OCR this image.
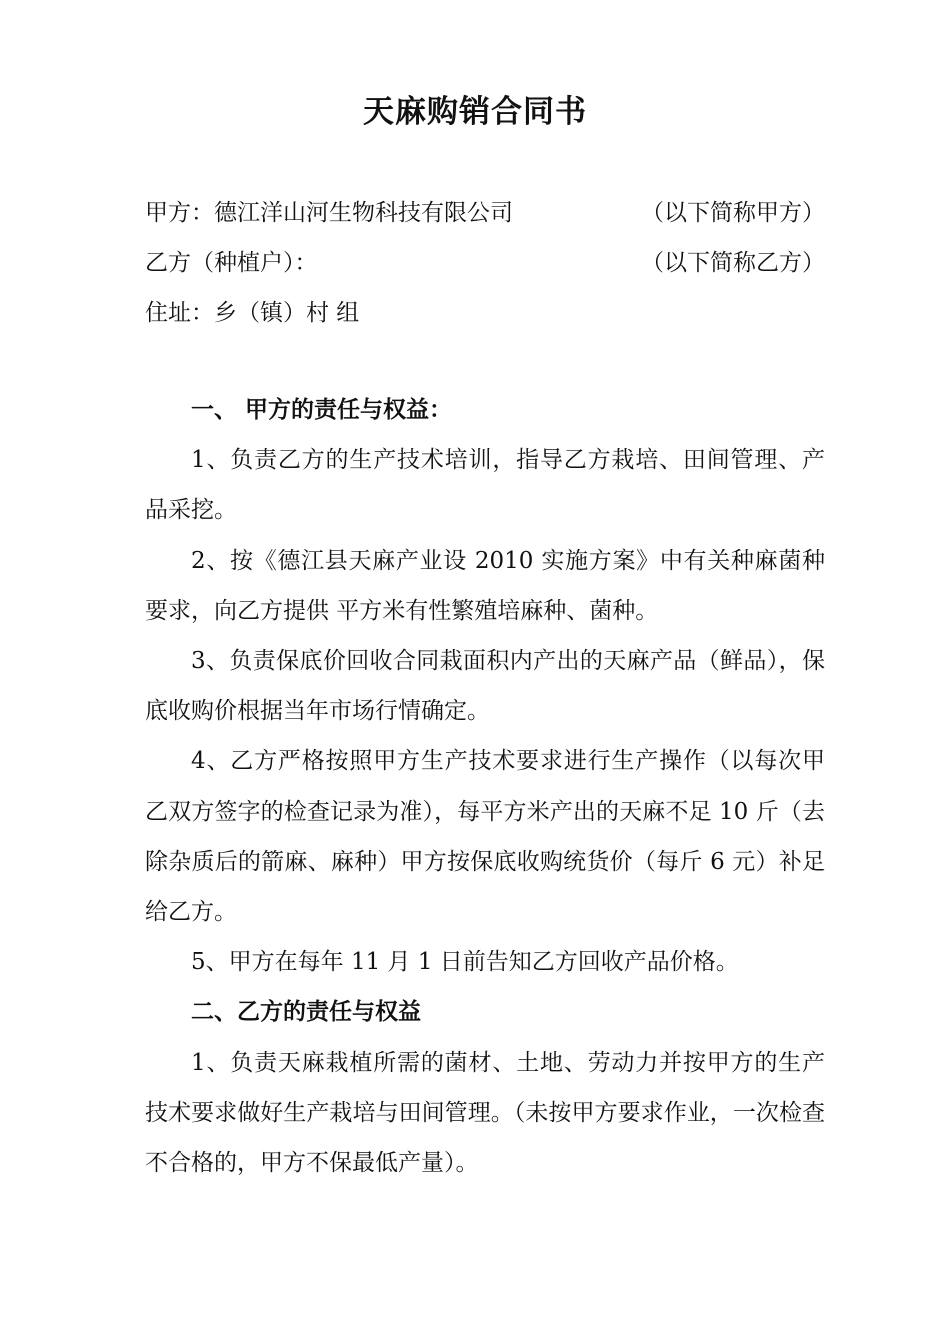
天麻购销合同书
甲方：德江洋山河生物科技有限公司	（以下简称甲方）
乙方（种植户）：	（以下简称乙方）
住址：乡（镇）村 组

一、 甲方的责任与权益：

1、负责乙方的生产技术培训，指导乙方栽培、田间管理、产品采挖。

2、按《德江县天麻产业设 2010 实施方案》中有关种麻菌种要求，向乙方提供 平方米有性繁殖培麻种、菌种。

3、负责保底价回收合同栽面积内产出的天麻产品（鲜品），保底收购价根据当年市场行情确定。

4、乙方严格按照甲方生产技术要求进行生产操作（以每次甲乙双方签字的检查记录为准），每平方米产出的天麻不足 10 斤（去除杂质后的箭麻、麻种）甲方按保底收购统货价（每斤 6 元）补足给乙方。

5、甲方在每年 11 月 1 日前告知乙方回收产品价格。

二、乙方的责任与权益

1、负责天麻栽植所需的菌材、土地、劳动力并按甲方的生产技术要求做好生产栽培与田间管理。（未按甲方要求作业，一次检查不合格的，甲方不保最低产量）。
